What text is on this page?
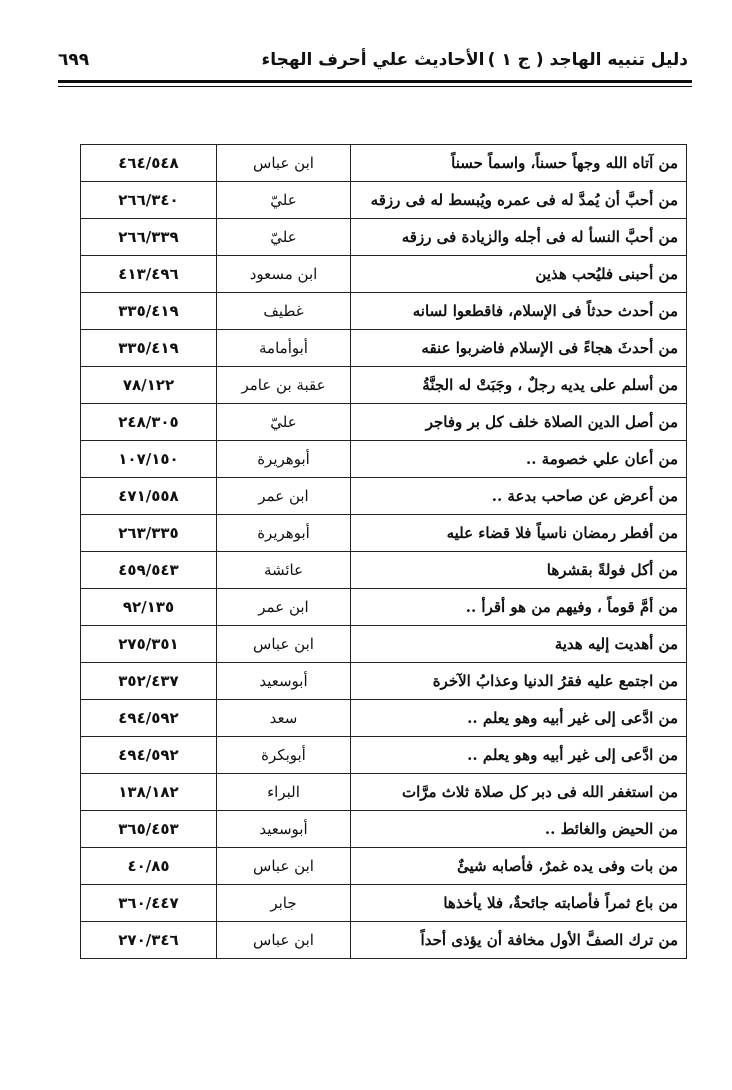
دليل تنبيه الهاجد ( ج ١ )
الأحاديث علي أحرف الهجاء
٦٩٩
من آتاه الله وجهاً حسناً، واسماً حسناً	ابن عباس	٤٦٤/٥٤٨
من أحبَّ أن يُمدَّ له فى عمره ويُبسط له فى رزقه	عليّ	٢٦٦/٣٤٠
من أحبَّ النسأ له فى أجله والزيادة فى رزقه	عليّ	٢٦٦/٣٣٩
من أحبنى فليُحب هذين	ابن مسعود	٤١٣/٤٩٦
من أحدث حدثاً فى الإسلام، فاقطعوا لسانه	غطيف	٣٣٥/٤١٩
من أحدثَ هجاءً فى الإسلام فاضربوا عنقه	أبوأمامة	٣٣٥/٤١٩
من أسلم على يديه رجلٌ ، وجَبَتْ له الجنَّةُ	عقبة بن عامر	٧٨/١٢٢
من أصل الدين الصلاة خلف كل بر وفاجر	عليّ	٢٤٨/٣٠٥
من أعان علي خصومة ..	أبوهريرة	١٠٧/١٥٠
من أعرض عن صاحب بدعة ..	ابن عمر	٤٧١/٥٥٨
من أفطر رمضان ناسياً فلا قضاء عليه	أبوهريرة	٢٦٣/٣٣٥
من أكل فولةً بقشرها	عائشة	٤٥٩/٥٤٣
من أمَّ قوماً ، وفيهم من هو أقرأ ..	ابن عمر	٩٢/١٣٥
من أهديت إليه هدية	ابن عباس	٢٧٥/٣٥١
من اجتمع عليه فقرُ الدنيا وعذابُ الآخرة	أبوسعيد	٣٥٢/٤٣٧
من ادَّعى إلى غير أبيه وهو يعلم ..	سعد	٤٩٤/٥٩٢
من ادَّعى إلى غير أبيه وهو يعلم ..	أبوبكرة	٤٩٤/٥٩٢
من استغفر الله فى دبر كل صلاة ثلاث مرَّات	البراء	١٣٨/١٨٢
من الحيض والغائط ..	أبوسعيد	٣٦٥/٤٥٣
من بات وفى يده غمرٌ، فأصابه شيئٌ	ابن عباس	٤٠/٨٥
من باع ثمراً فأصابته جائحةٌ، فلا يأخذها	جابر	٣٦٠/٤٤٧
من ترك الصفَّ الأول مخافة أن يؤذى أحداً	ابن عباس	٢٧٠/٣٤٦
